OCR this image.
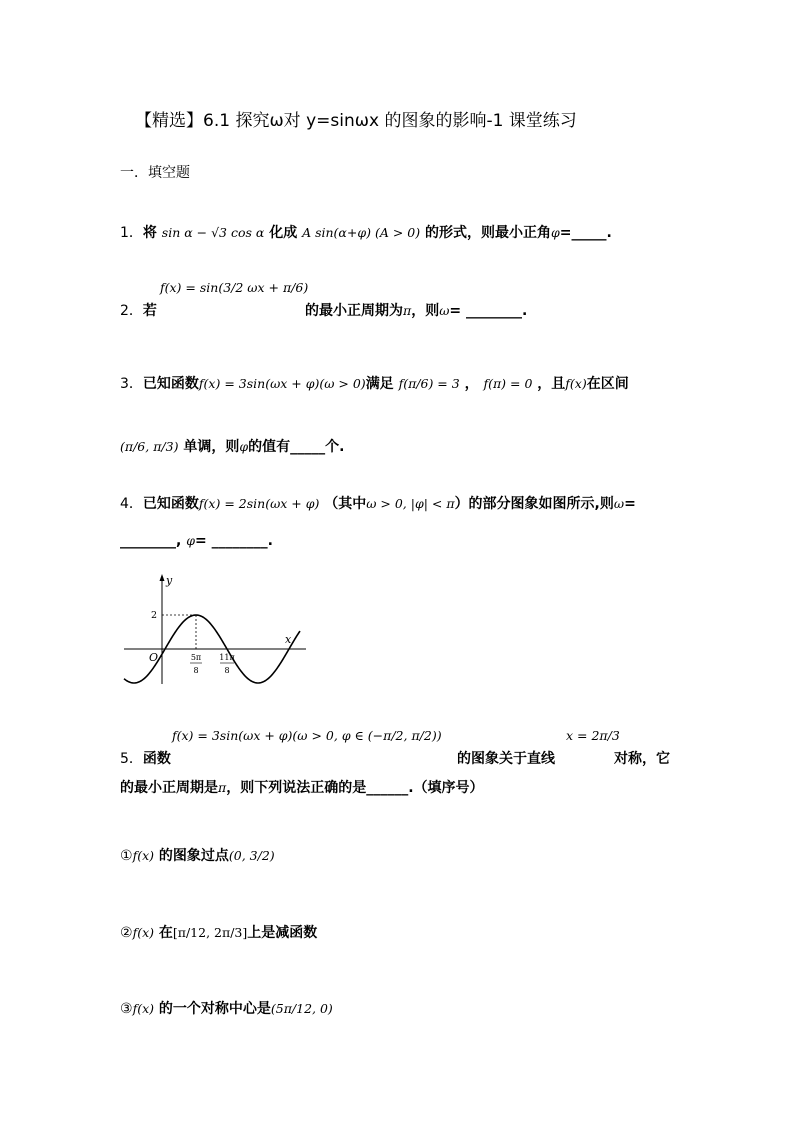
【精选】6.1 探究ω对 y=sinωx 的图象的影响-1 课堂练习
一．填空题
1．将 sin α − √3 cos α 化成 A sin(α+φ) (A > 0) 的形式，则最小正角φ=_____.
2．若
f(x) = sin(3/2 ωx + π/6)
的最小正周期为π，则ω= ________.
3．已知函数f(x) = 3sin(ωx + φ)(ω > 0)满足 f(π/6) = 3 ， f(π) = 0 ，且f(x)在区间
(π/6, π/3) 单调，则φ的值有_____个.
4．已知函数f(x) = 2sin(ωx + φ) （其中ω > 0, |φ| < π）的部分图象如图所示,则ω=
________, φ= ________.
y
x
O
2
5π
8
11π
8
5．函数
f(x) = 3sin(ωx + φ)(ω > 0, φ ∈ (−π/2, π/2))
的图象关于直线
x = 2π/3
对称，它
的最小正周期是π，则下列说法正确的是______.（填序号）
①f(x) 的图象过点(0, 3/2)
②f(x) 在[π/12, 2π/3]上是减函数
③f(x) 的一个对称中心是(5π/12, 0)
